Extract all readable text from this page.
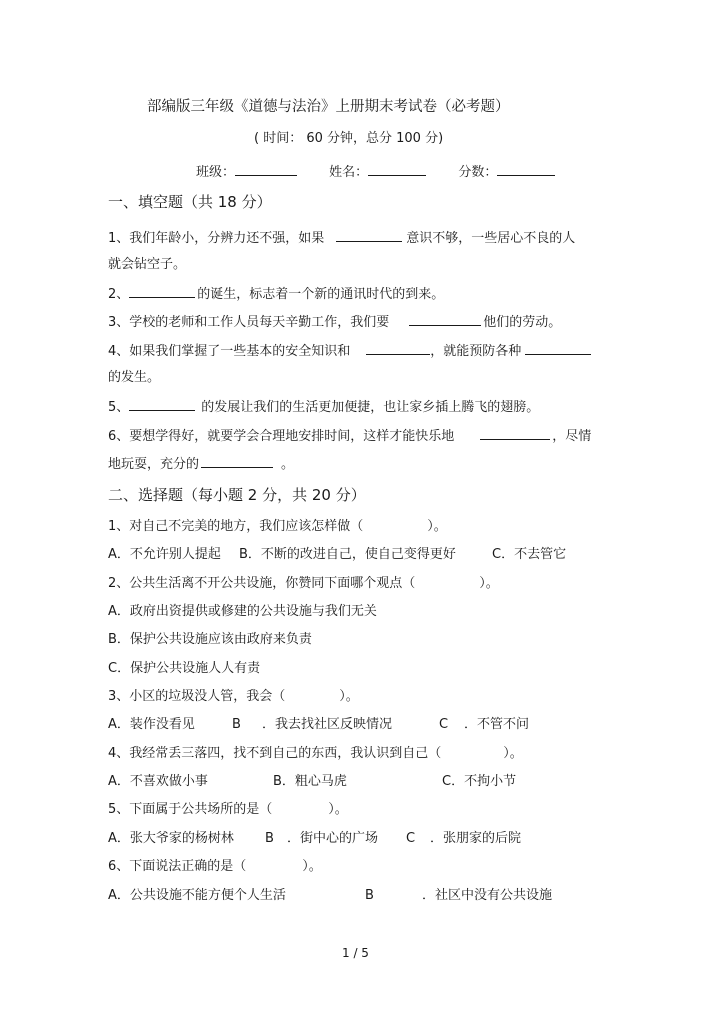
部编版三年级《道德与法治》上册期末考试卷（必考题）
( 时间： 60 分钟，总分 100 分)
班级：	姓名：	分数：
一、填空题（共 18 分）
1、我们年龄小，分辨力还不强，如果	意识不够，一些居心不良的人
就会钻空子。
2、	的诞生，标志着一个新的通讯时代的到来。
3、学校的老师和工作人员每天辛勤工作，我们要	他们的劳动。
4、如果我们掌握了一些基本的安全知识和	，就能预防各种
的发生。
5、	的发展让我们的生活更加便捷，也让家乡插上腾飞的翅膀。
6、要想学得好，就要学会合理地安排时间，这样才能快乐地	，尽情
地玩耍，充分的	。
二、选择题（每小题 2 分，共 20 分）
1、对自己不完美的地方，我们应该怎样做（	）。
A．不允许别人提起 B．不断的改进自己，使自己变得更好	C．不去管它
2、公共生活离不开公共设施，你赞同下面哪个观点（	）。
A．政府出资提供或修建的公共设施与我们无关
B．保护公共设施应该由政府来负责
C．保护公共设施人人有责
3、小区的垃圾没人管，我会（	）。
A．装作没看见	B ．我去找社区反映情况	C ．不管不问
4、我经常丢三落四，找不到自己的东西，我认识到自己（	）。
A．不喜欢做小事	B．粗心马虎	C．不拘小节
5、下面属于公共场所的是（	）。
A．张大爷家的杨树林 B ．街中心的广场 C ．张朋家的后院
6、下面说法正确的是（	）。
A．公共设施不能方便个人生活	B	．社区中没有公共设施
1 / 5
